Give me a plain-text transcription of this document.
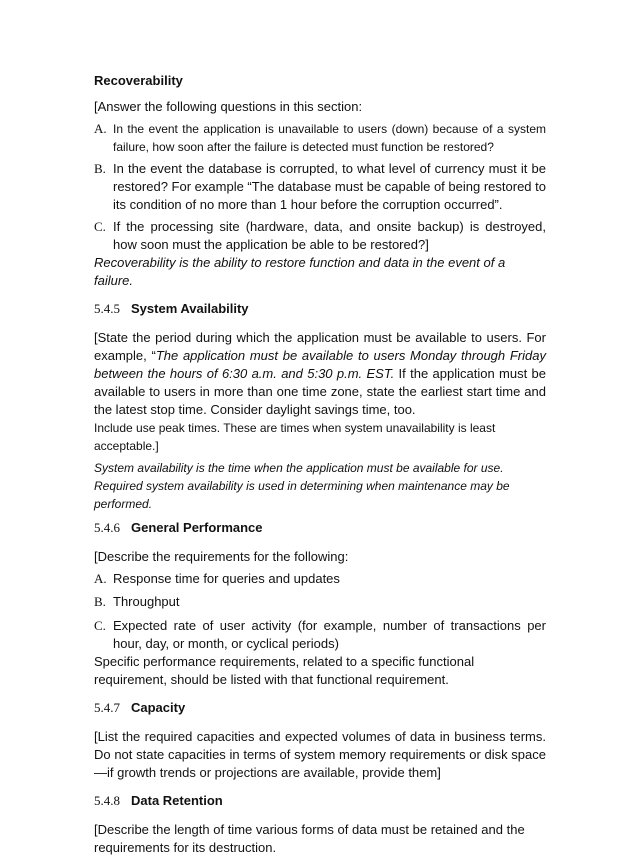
Recoverability

[Answer the following questions in this section:

A. In the event the application is unavailable to users (down) because of a system failure, how soon after the failure is detected must function be restored?
B. In the event the database is corrupted, to what level of currency must it be restored? For example “The database must be capable of being restored to its condition of no more than 1 hour before the corruption occurred”.
C. If the processing site (hardware, data, and onsite backup) is destroyed, how soon must the application be able to be restored?]

Recoverability is the ability to restore function and data in the event of a failure.

5.4.5 System Availability

[State the period during which the application must be available to users. For example, “The application must be available to users Monday through Friday between the hours of 6:30 a.m. and 5:30 p.m. EST. If the application must be available to users in more than one time zone, state the earliest start time and the latest stop time. Consider daylight savings time, too.

Include use peak times. These are times when system unavailability is least acceptable.]

System availability is the time when the application must be available for use. Required system availability is used in determining when maintenance may be performed.

5.4.6 General Performance

[Describe the requirements for the following:

A. Response time for queries and updates
B. Throughput
C. Expected rate of user activity (for example, number of transactions per hour, day, or month, or cyclical periods)

Specific performance requirements, related to a specific functional requirement, should be listed with that functional requirement.

5.4.7 Capacity

[List the required capacities and expected volumes of data in business terms. Do not state capacities in terms of system memory requirements or disk space—if growth trends or projections are available, provide them]

5.4.8 Data Retention

[Describe the length of time various forms of data must be retained and the requirements for its destruction.
